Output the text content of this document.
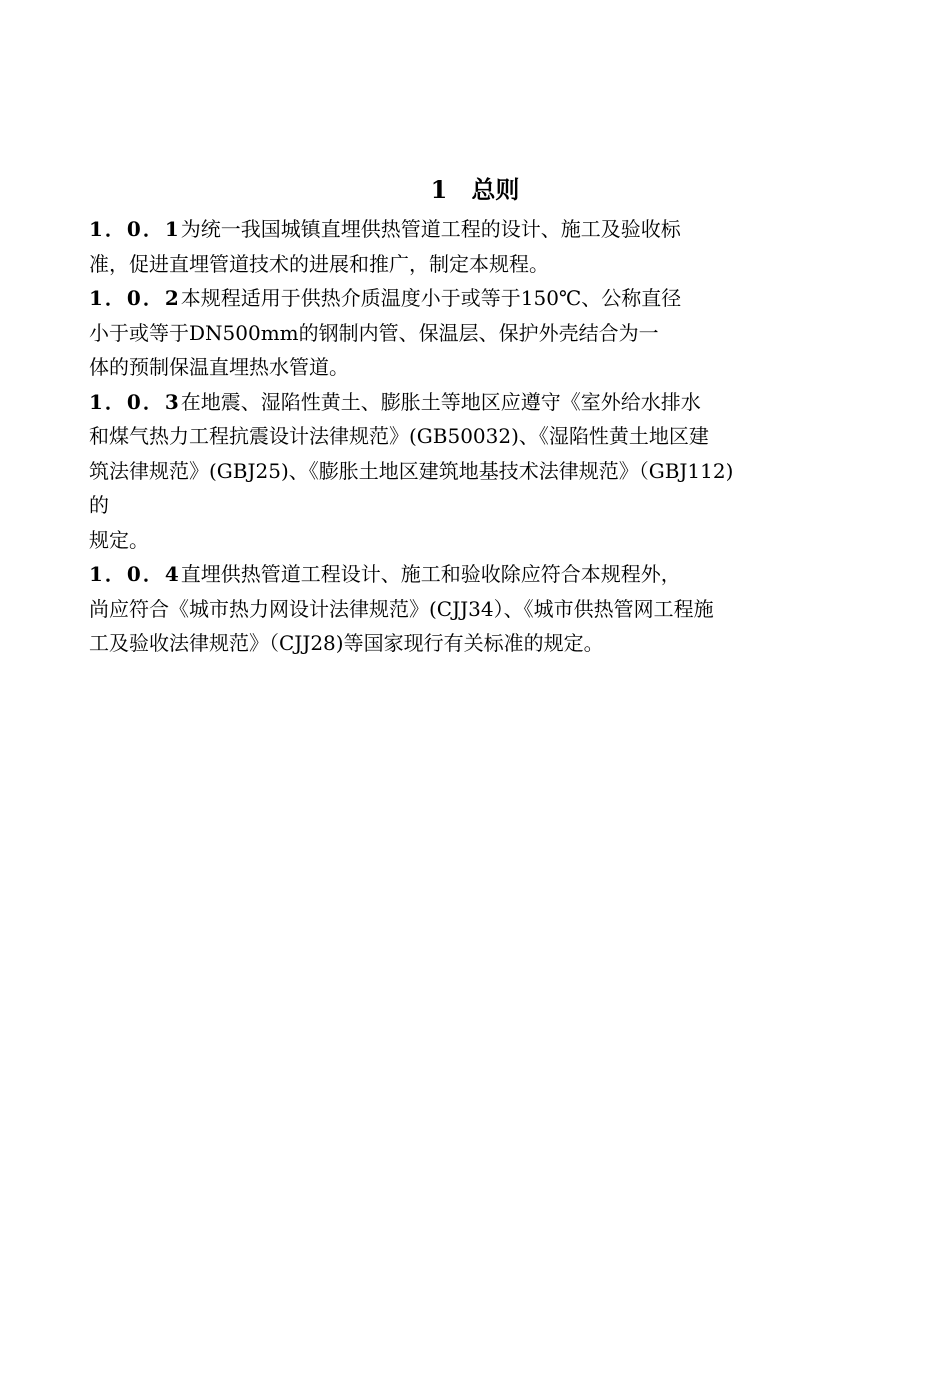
1　总则
1．0．1为统一我国城镇直埋供热管道工程的设计、施工及验收标
准，促进直埋管道技术的进展和推广，制定本规程。
1．0．2本规程适用于供热介质温度小于或等于150℃、公称直径
小于或等于DN500mm的钢制内管、保温层、保护外壳结合为一
体的预制保温直埋热水管道。
1．0．3在地震、湿陷性黄土、膨胀土等地区应遵守《室外给水排水
和煤气热力工程抗震设计法律规范》(GB50032)、《湿陷性黄土地区建
筑法律规范》(GBJ25)、《膨胀土地区建筑地基技术法律规范》（GBJ112)
的
规定。
1．0．4直埋供热管道工程设计、施工和验收除应符合本规程外，
尚应符合《城市热力网设计法律规范》(CJJ34）、《城市供热管网工程施
工及验收法律规范》（CJJ28)等国家现行有关标准的规定。
